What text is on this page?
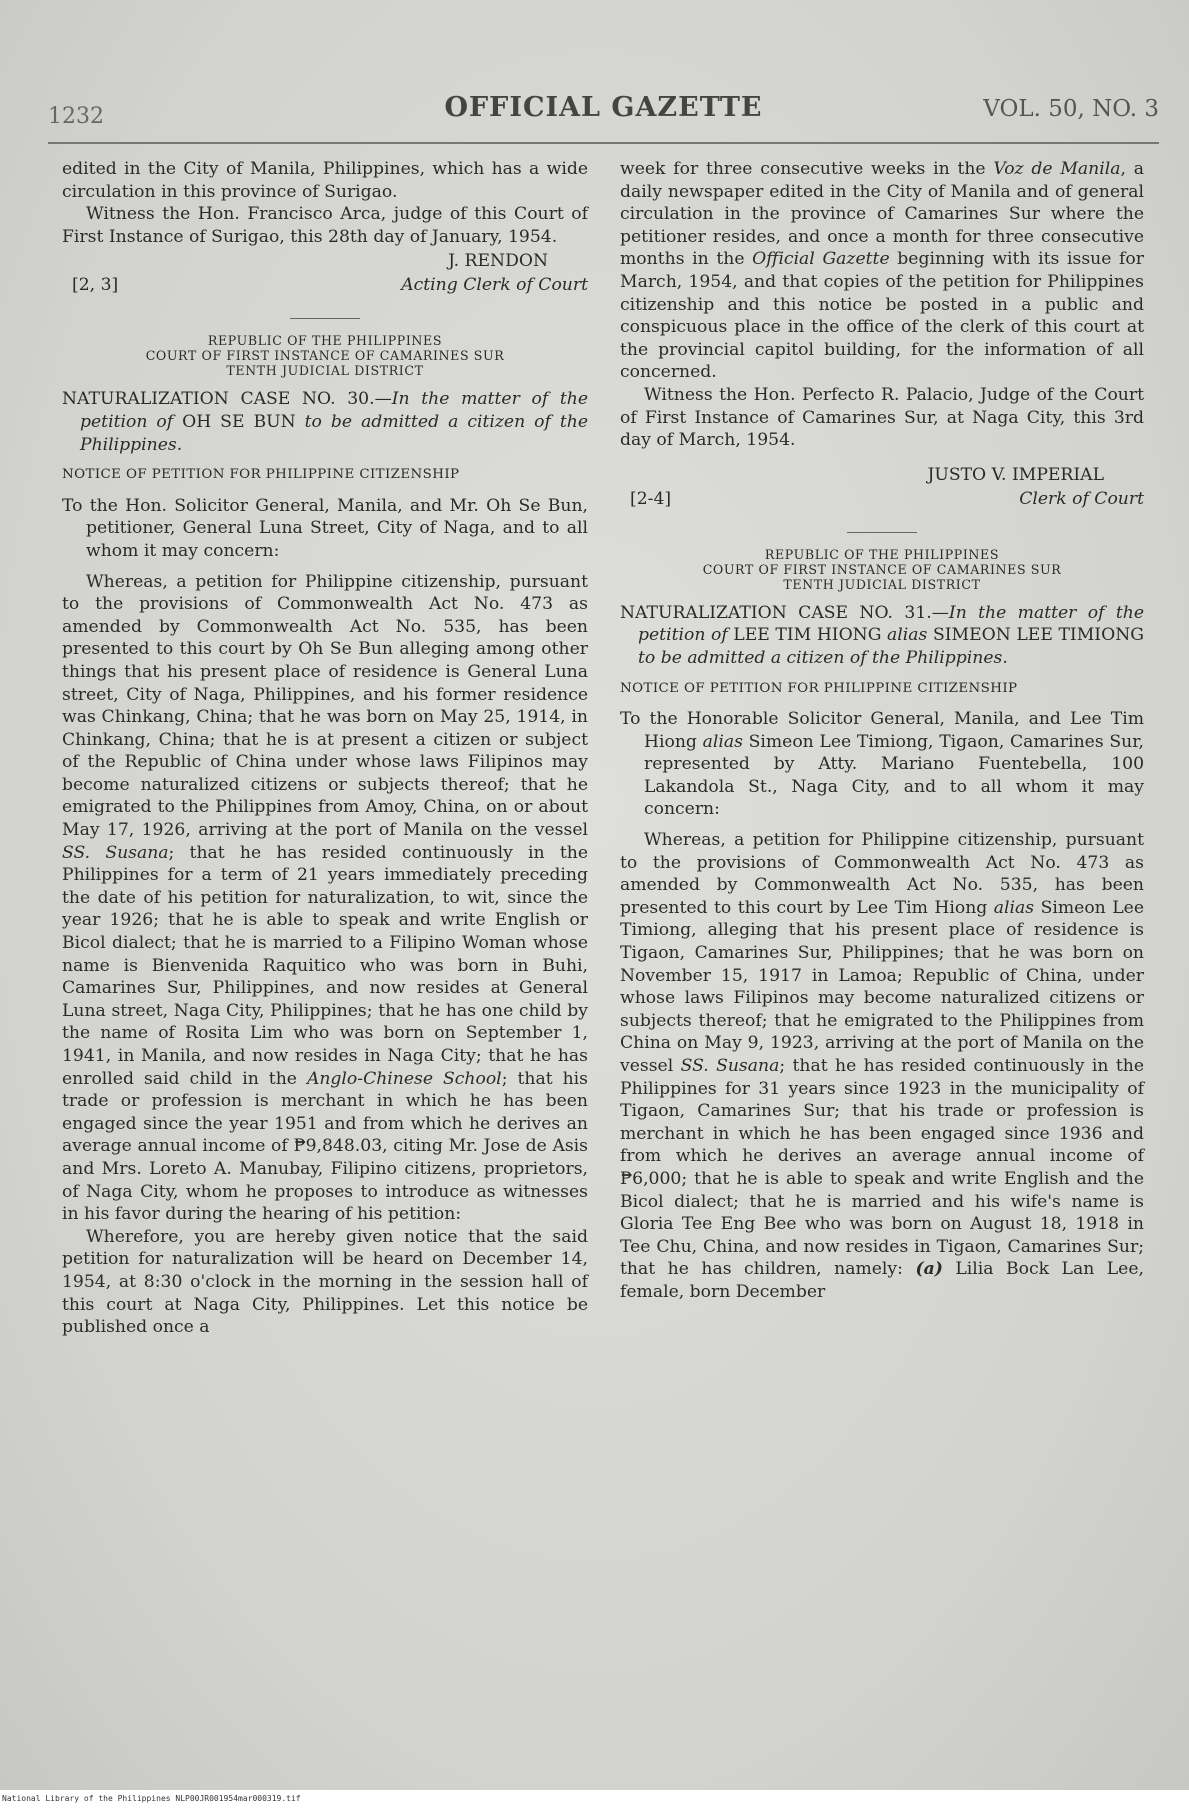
1232	OFFICIAL GAZETTE	VOL. 50, NO. 3

edited in the City of Manila, Philippines, which has a wide circulation in this province of Surigao.

Witness the Hon. Francisco Arca, judge of this Court of First Instance of Surigao, this 28th day of January, 1954.

J. RENDON
[2, 3]	Acting Clerk of Court
REPUBLIC OF THE PHILIPPINES
COURT OF FIRST INSTANCE OF CAMARINES SUR
TENTH JUDICIAL DISTRICT

NATURALIZATION CASE NO. 30.—In the matter of the petition of OH SE BUN to be admitted a citizen of the Philippines.

NOTICE OF PETITION FOR PHILIPPINE CITIZENSHIP

To the Hon. Solicitor General, Manila, and Mr. Oh Se Bun, petitioner, General Luna Street, City of Naga, and to all whom it may concern:

Whereas, a petition for Philippine citizenship, pursuant to the provisions of Commonwealth Act No. 473 as amended by Commonwealth Act No. 535, has been presented to this court by Oh Se Bun alleging among other things that his present place of residence is General Luna street, City of Naga, Philippines, and his former residence was Chinkang, China; that he was born on May 25, 1914, in Chinkang, China; that he is at present a citizen or subject of the Republic of China under whose laws Filipinos may become naturalized citizens or subjects thereof; that he emigrated to the Philippines from Amoy, China, on or about May 17, 1926, arriving at the port of Manila on the vessel SS. Susana; that he has resided continuously in the Philippines for a term of 21 years immediately preceding the date of his petition for naturalization, to wit, since the year 1926; that he is able to speak and write English or Bicol dialect; that he is married to a Filipino Woman whose name is Bienvenida Raquitico who was born in Buhi, Camarines Sur, Philippines, and now resides at General Luna street, Naga City, Philippines; that he has one child by the name of Rosita Lim who was born on September 1, 1941, in Manila, and now resides in Naga City; that he has enrolled said child in the Anglo-Chinese School; that his trade or profession is merchant in which he has been engaged since the year 1951 and from which he derives an average annual income of ₱9,848.03, citing Mr. Jose de Asis and Mrs. Loreto A. Manubay, Filipino citizens, proprietors, of Naga City, whom he proposes to introduce as witnesses in his favor during the hearing of his petition:

Wherefore, you are hereby given notice that the said petition for naturalization will be heard on December 14, 1954, at 8:30 o'clock in the morning in the session hall of this court at Naga City, Philippines. Let this notice be published once a

week for three consecutive weeks in the Voz de Manila, a daily newspaper edited in the City of Manila and of general circulation in the province of Camarines Sur where the petitioner resides, and once a month for three consecutive months in the Official Gazette beginning with its issue for March, 1954, and that copies of the petition for Philippines citizenship and this notice be posted in a public and conspicuous place in the office of the clerk of this court at the provincial capitol building, for the information of all concerned.

Witness the Hon. Perfecto R. Palacio, Judge of the Court of First Instance of Camarines Sur, at Naga City, this 3rd day of March, 1954.

JUSTO V. IMPERIAL
[2-4]	Clerk of Court
REPUBLIC OF THE PHILIPPINES
COURT OF FIRST INSTANCE OF CAMARINES SUR
TENTH JUDICIAL DISTRICT

NATURALIZATION CASE NO. 31.—In the matter of the petition of LEE TIM HIONG alias SIMEON LEE TIMIONG to be admitted a citizen of the Philippines.

NOTICE OF PETITION FOR PHILIPPINE CITIZENSHIP

To the Honorable Solicitor General, Manila, and Lee Tim Hiong alias Simeon Lee Timiong, Tigaon, Camarines Sur, represented by Atty. Mariano Fuentebella, 100 Lakandola St., Naga City, and to all whom it may concern:

Whereas, a petition for Philippine citizenship, pursuant to the provisions of Commonwealth Act No. 473 as amended by Commonwealth Act No. 535, has been presented to this court by Lee Tim Hiong alias Simeon Lee Timiong, alleging that his present place of residence is Tigaon, Camarines Sur, Philippines; that he was born on November 15, 1917 in Lamoa; Republic of China, under whose laws Filipinos may become naturalized citizens or subjects thereof; that he emigrated to the Philippines from China on May 9, 1923, arriving at the port of Manila on the vessel SS. Susana; that he has resided continuously in the Philippines for 31 years since 1923 in the municipality of Tigaon, Camarines Sur; that his trade or profession is merchant in which he has been engaged since 1936 and from which he derives an average annual income of ₱6,000; that he is able to speak and write English and the Bicol dialect; that he is married and his wife's name is Gloria Tee Eng Bee who was born on August 18, 1918 in Tee Chu, China, and now resides in Tigaon, Camarines Sur; that he has children, namely: (a) Lilia Bock Lan Lee, female, born December

National Library of the Philippines NLP00JR001954mar000319.tif
